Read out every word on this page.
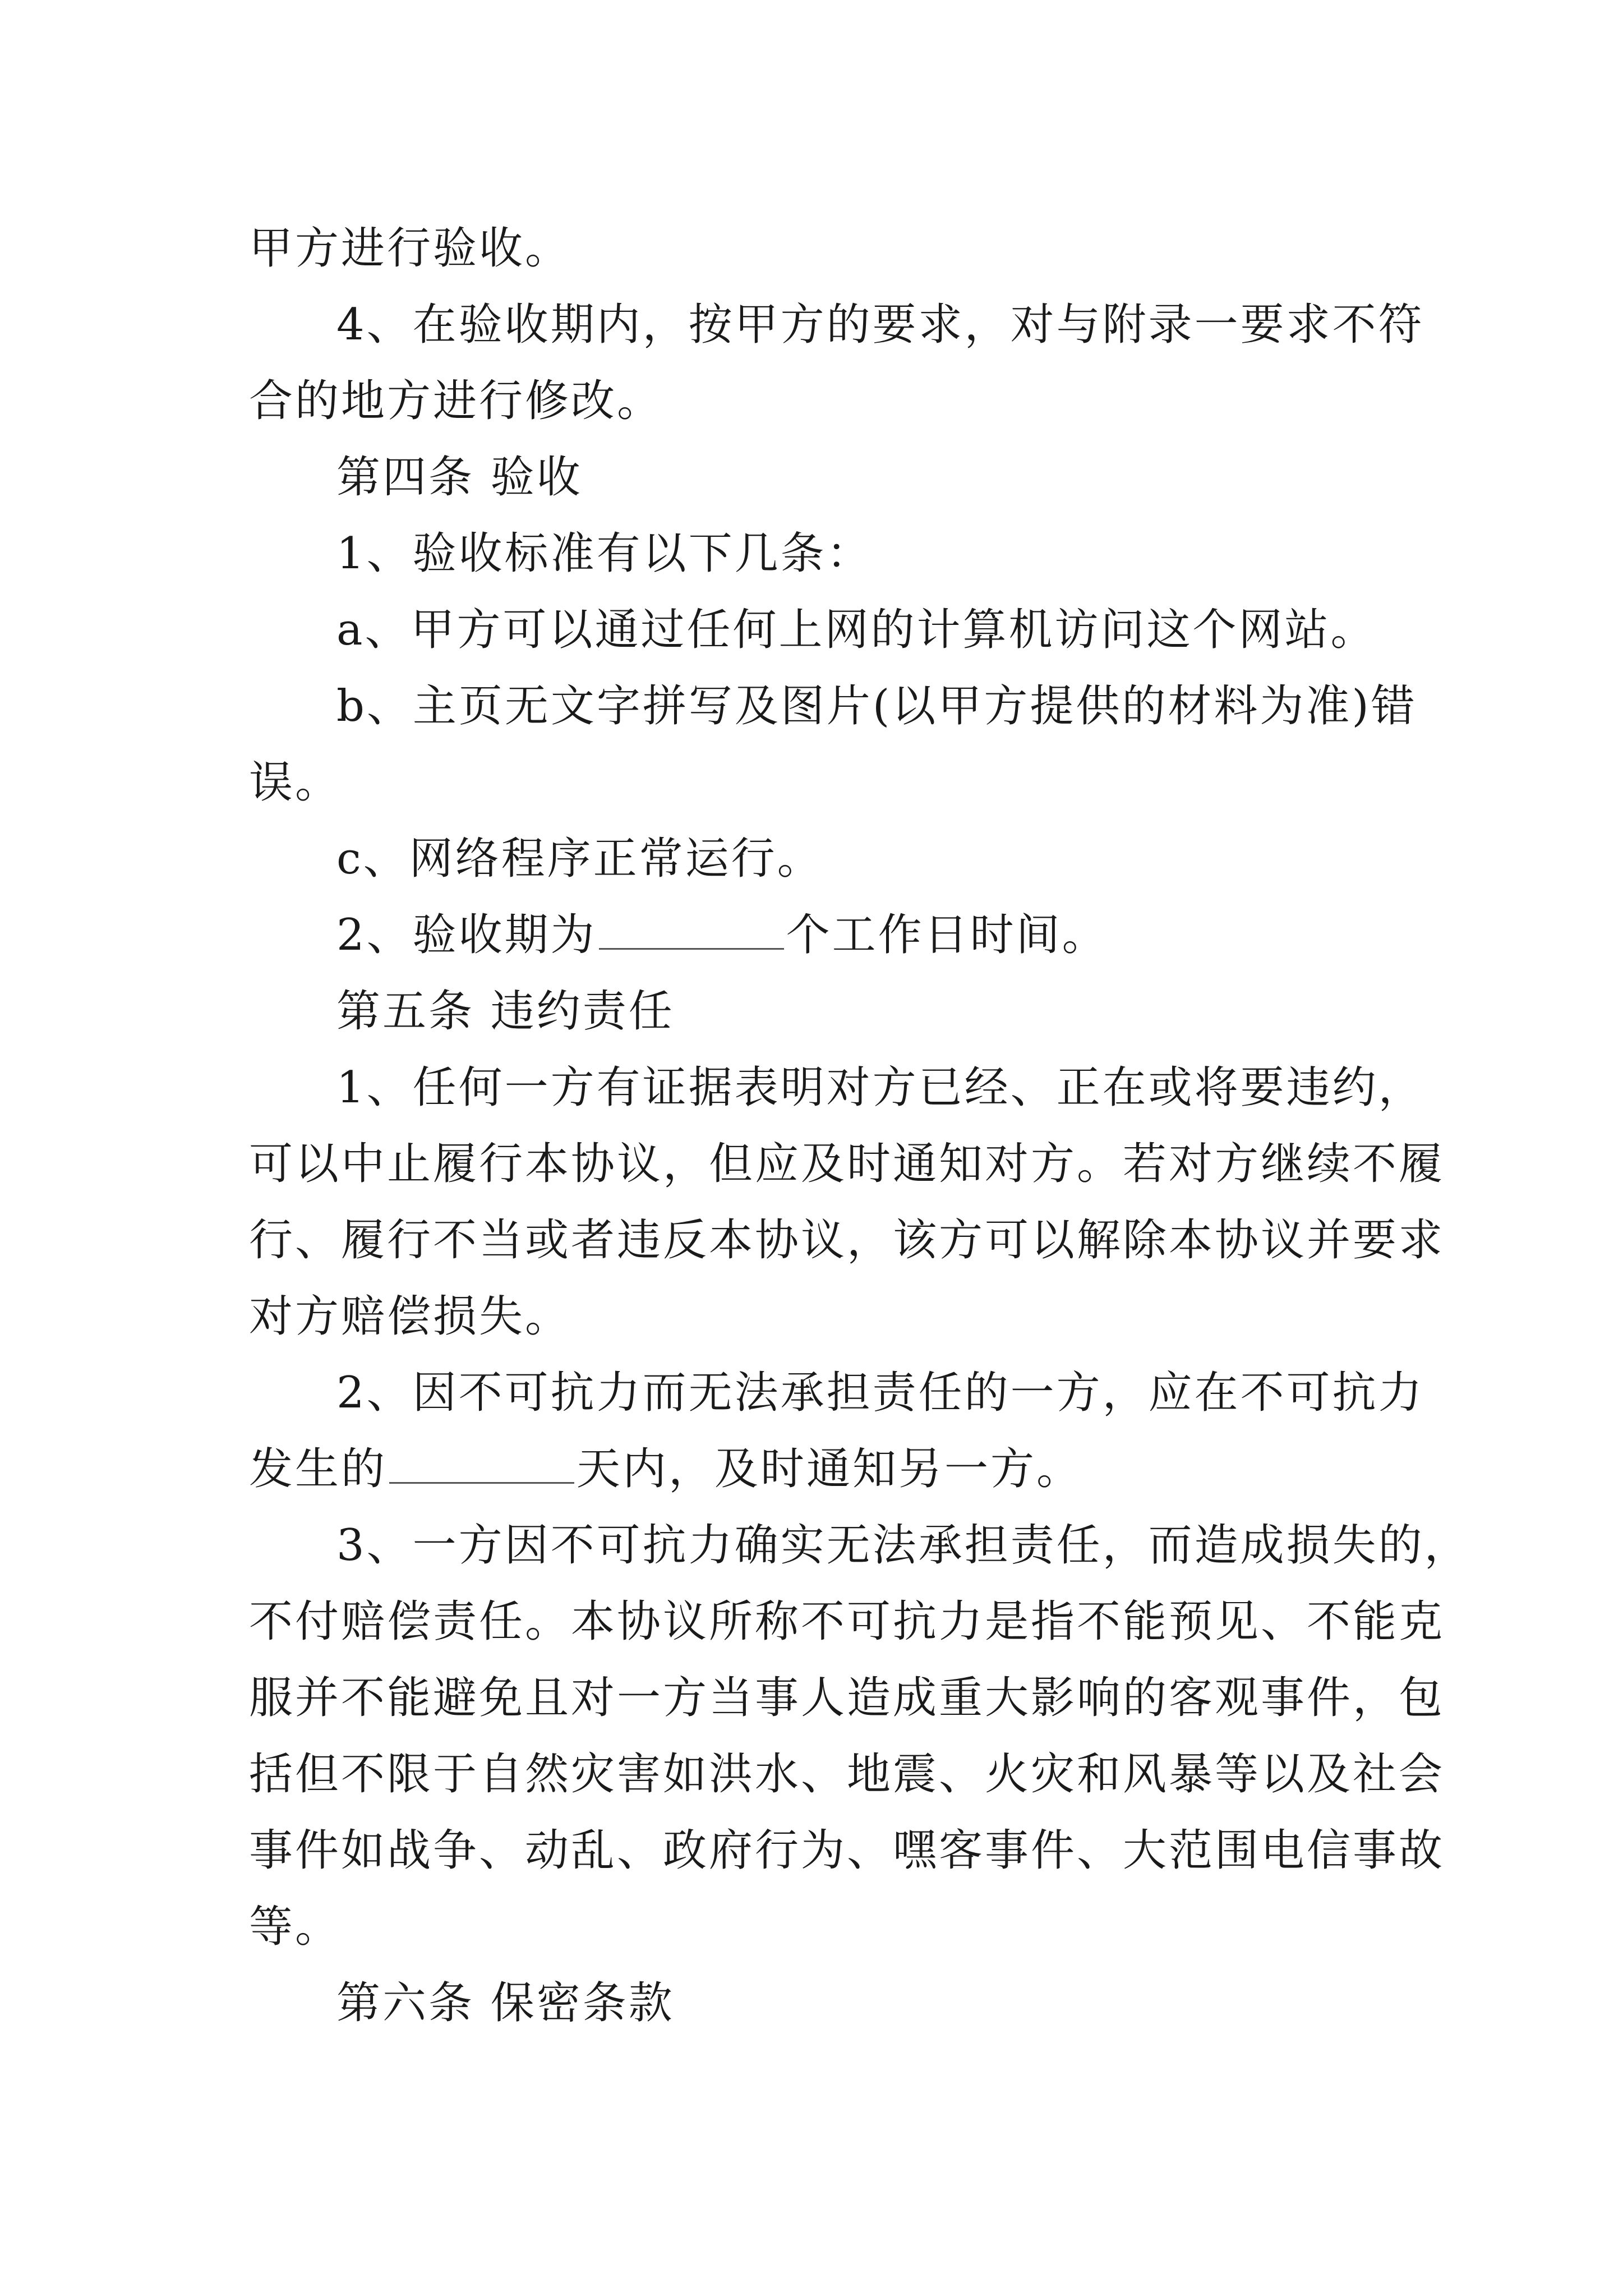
甲方进行验收。
4、在验收期内，按甲方的要求，对与附录一要求不符
合的地方进行修改。
第四条 验收
1、验收标准有以下几条：
a、甲方可以通过任何上网的计算机访问这个网站。
b、主页无文字拼写及图片(以甲方提供的材料为准)错
误。
c、网络程序正常运行。
2、验收期为	个工作日时间。
第五条 违约责任
1、任何一方有证据表明对方已经、正在或将要违约，
可以中止履行本协议，但应及时通知对方。若对方继续不履
行、履行不当或者违反本协议，该方可以解除本协议并要求
对方赔偿损失。
2、因不可抗力而无法承担责任的一方，应在不可抗力
发生的	天内，及时通知另一方。
3、一方因不可抗力确实无法承担责任，而造成损失的，
不付赔偿责任。本协议所称不可抗力是指不能预见、不能克
服并不能避免且对一方当事人造成重大影响的客观事件，包
括但不限于自然灾害如洪水、地震、火灾和风暴等以及社会
事件如战争、动乱、政府行为、嘿客事件、大范围电信事故
等。
第六条 保密条款
